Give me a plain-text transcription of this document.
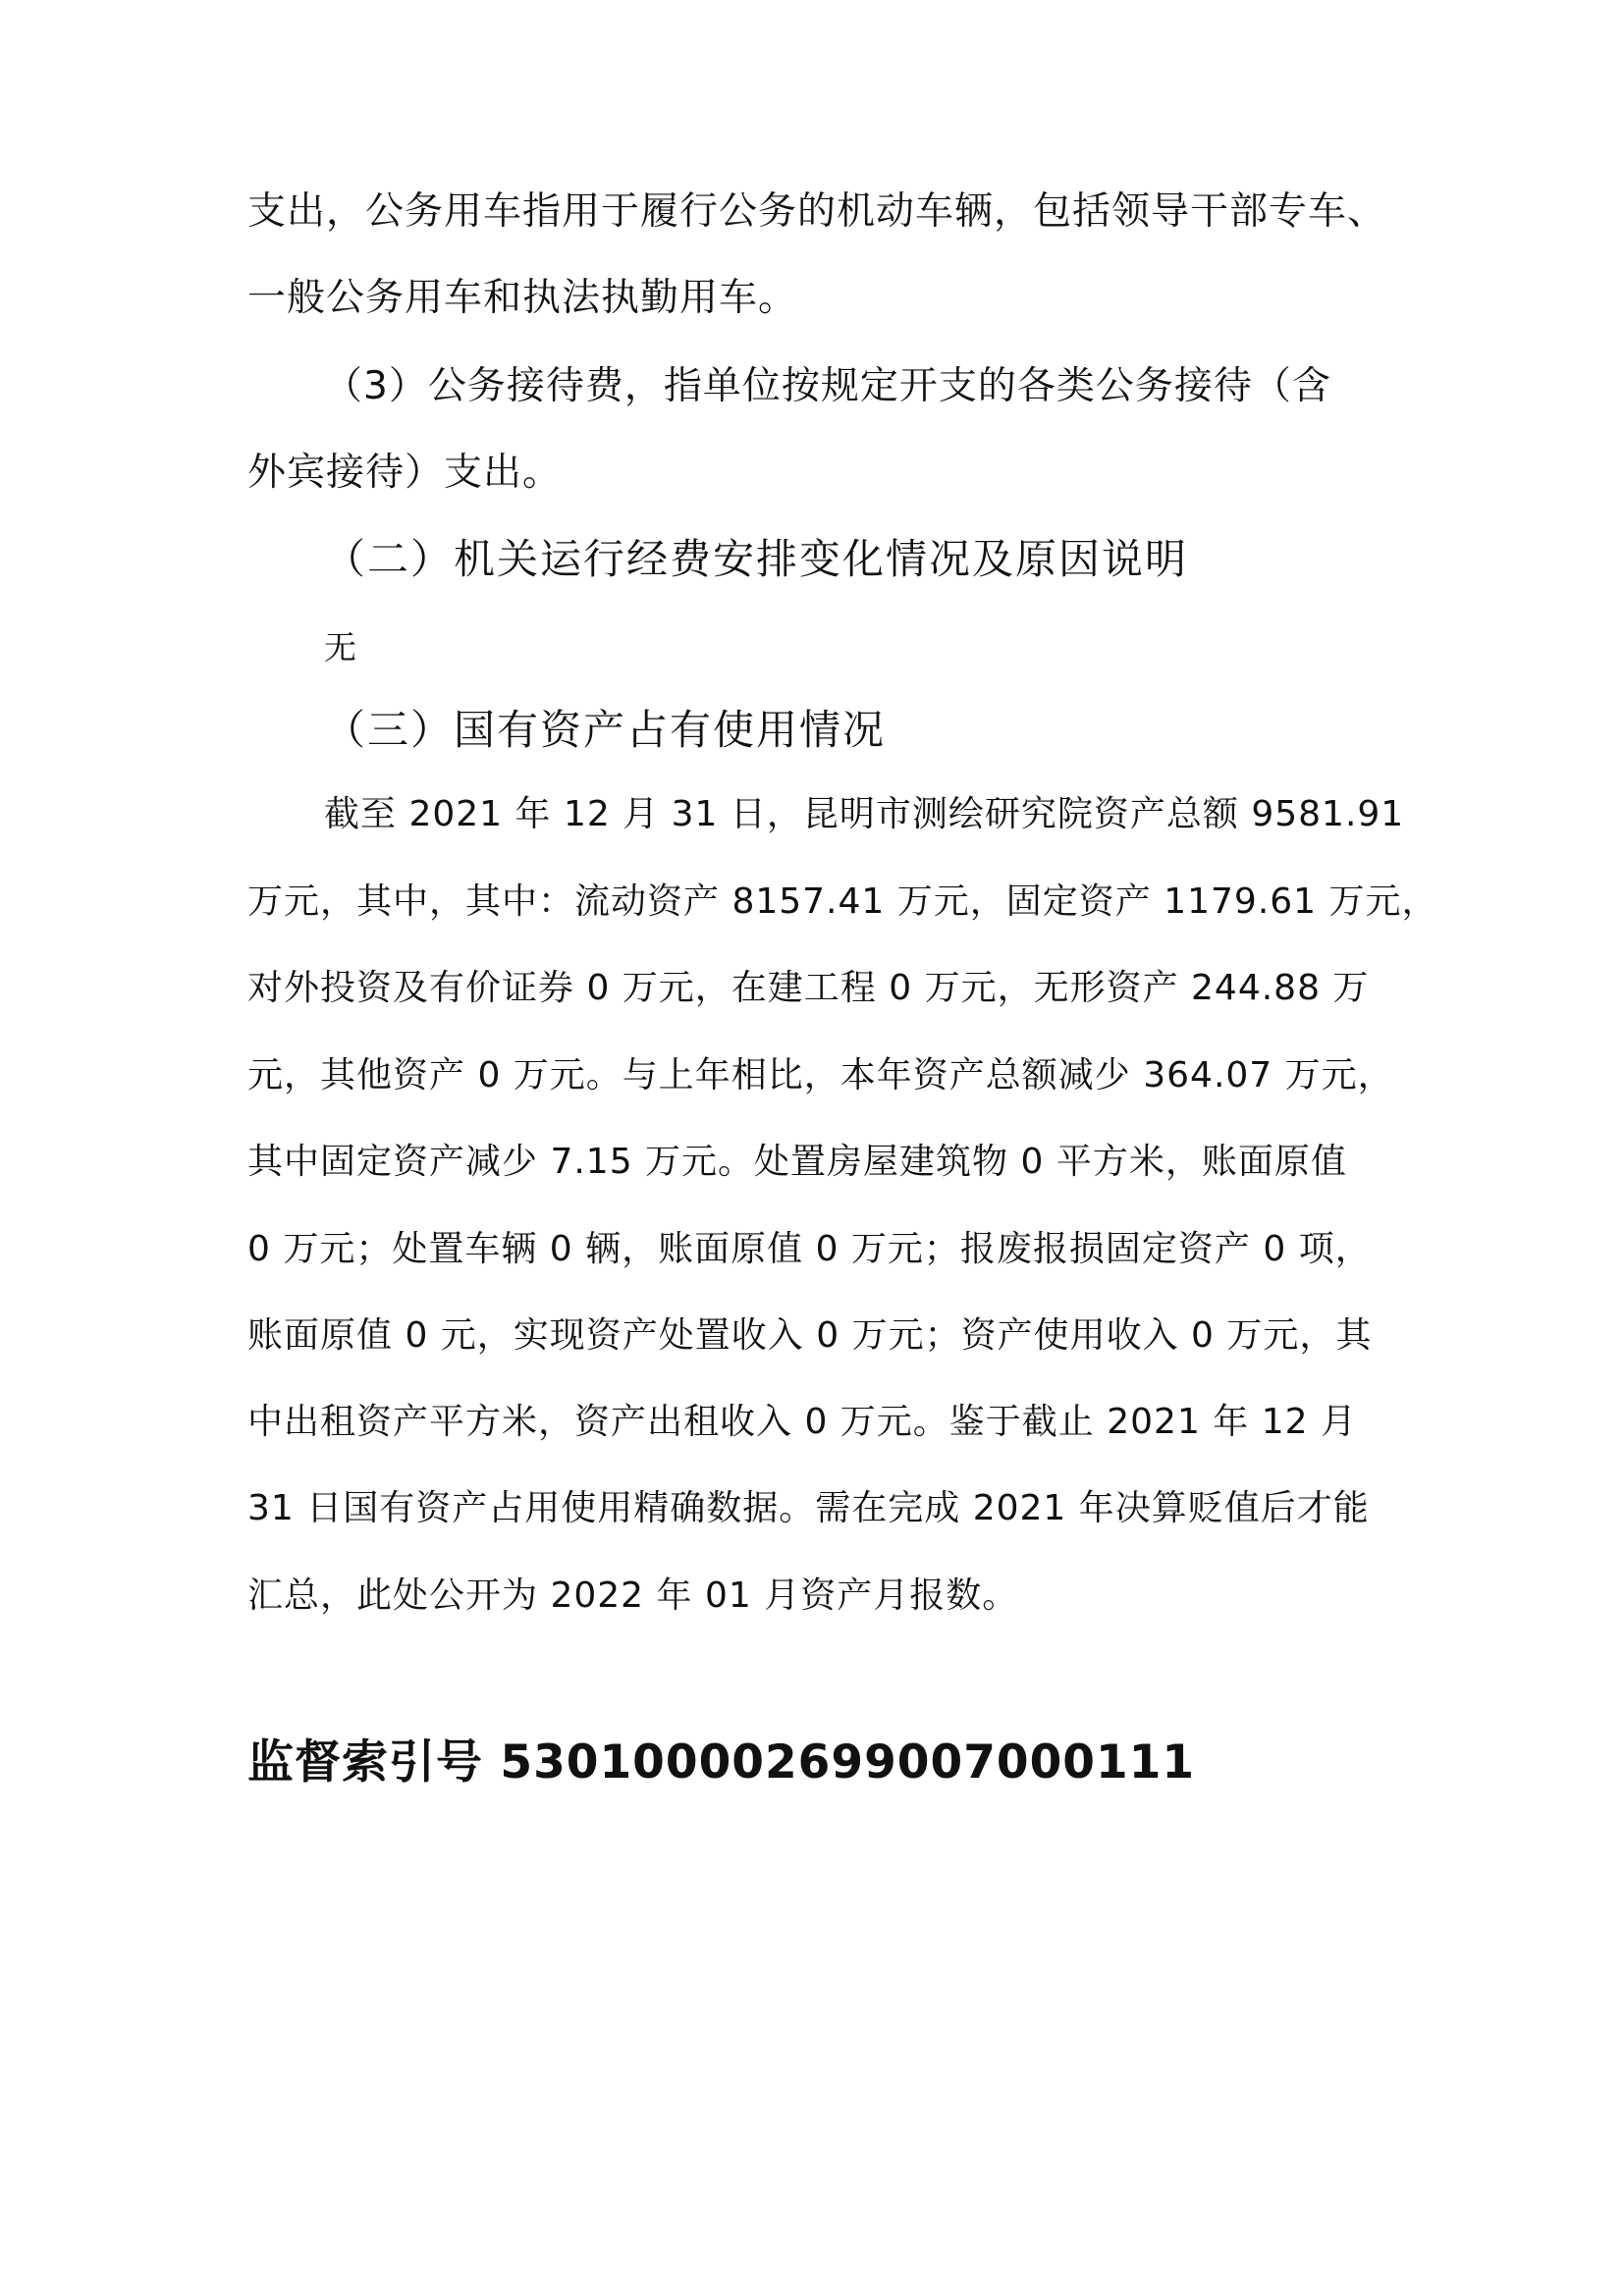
支出，公务用车指用于履行公务的机动车辆，包括领导干部专车、
一般公务用车和执法执勤用车。
（3）公务接待费，指单位按规定开支的各类公务接待（含
外宾接待）支出。
（二）机关运行经费安排变化情况及原因说明
无
（三）国有资产占有使用情况
截至 2021 年 12 月 31 日，昆明市测绘研究院资产总额 9581.91
万元，其中，其中：流动资产 8157.41 万元，固定资产 1179.61 万元，
对外投资及有价证券 0 万元，在建工程 0 万元，无形资产 244.88 万
元，其他资产 0 万元。与上年相比，本年资产总额减少 364.07 万元，
其中固定资产减少 7.15 万元。处置房屋建筑物 0 平方米，账面原值
0 万元；处置车辆 0 辆，账面原值 0 万元；报废报损固定资产 0 项，
账面原值 0 元，实现资产处置收入 0 万元；资产使用收入 0 万元，其
中出租资产平方米，资产出租收入 0 万元。鉴于截止 2021 年 12 月
31 日国有资产占用使用精确数据。需在完成 2021 年决算贬值后才能
汇总，此处公开为 2022 年 01 月资产月报数。
监督索引号 530100002699007000111
